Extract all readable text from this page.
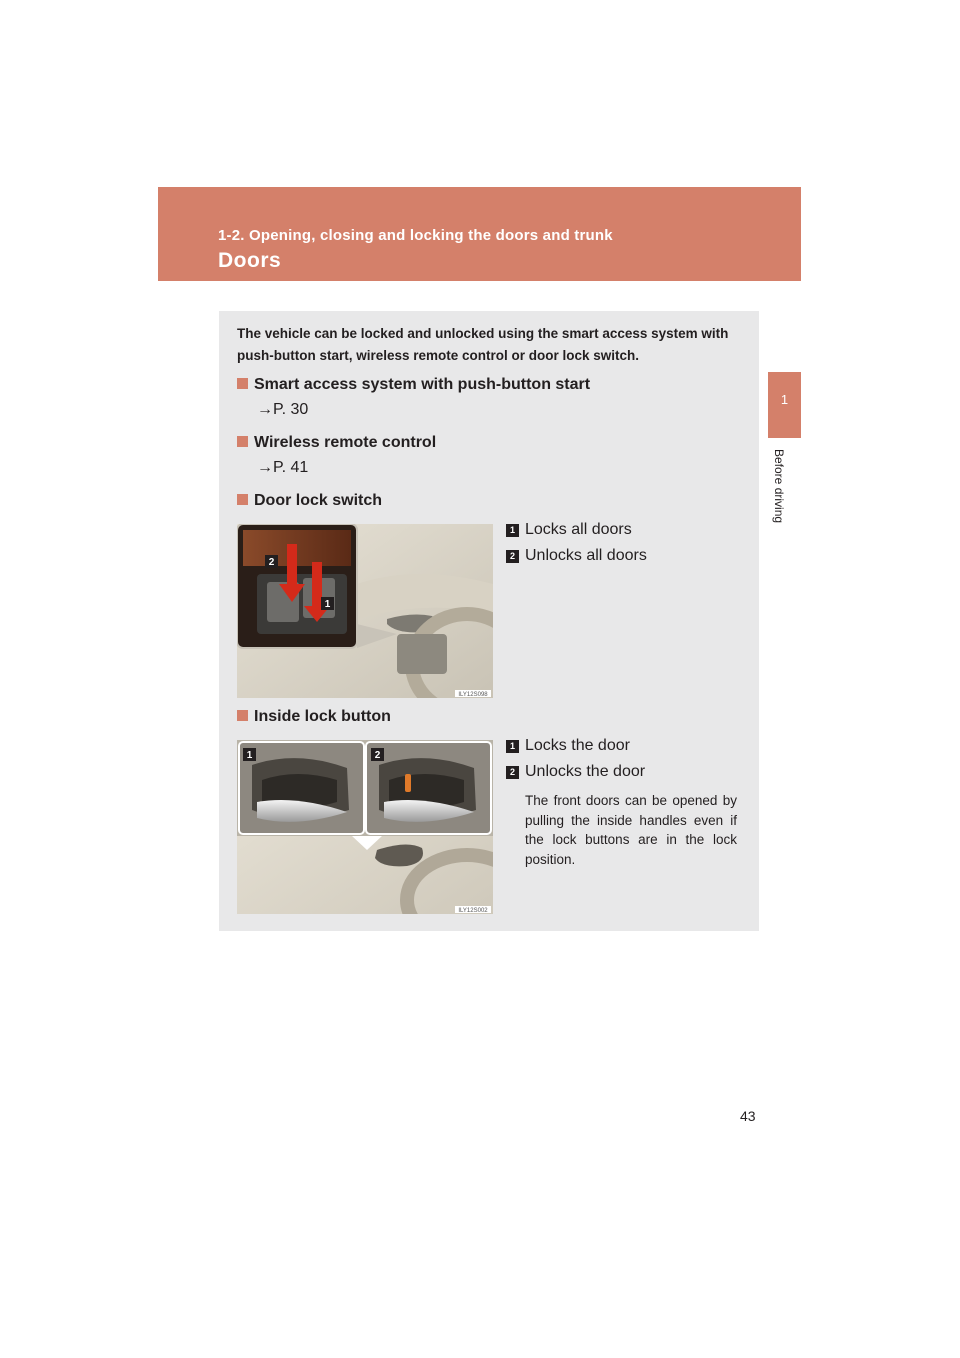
1-2. Opening, closing and locking the doors and trunk
Doors
1
Before driving
The vehicle can be locked and unlocked using the smart access system with push-button start, wireless remote control or door lock switch.
Smart access system with push-button start
→P. 30
Wireless remote control
→P. 41
Door lock switch
1 Locks all doors
2 Unlocks all doors
2
1
ILY12S098
Inside lock button
1 Locks the door
2 Unlocks the door
The front doors can be opened by pulling the inside handles even if the lock buttons are in the lock position.
1	2
ILY12S002
43
